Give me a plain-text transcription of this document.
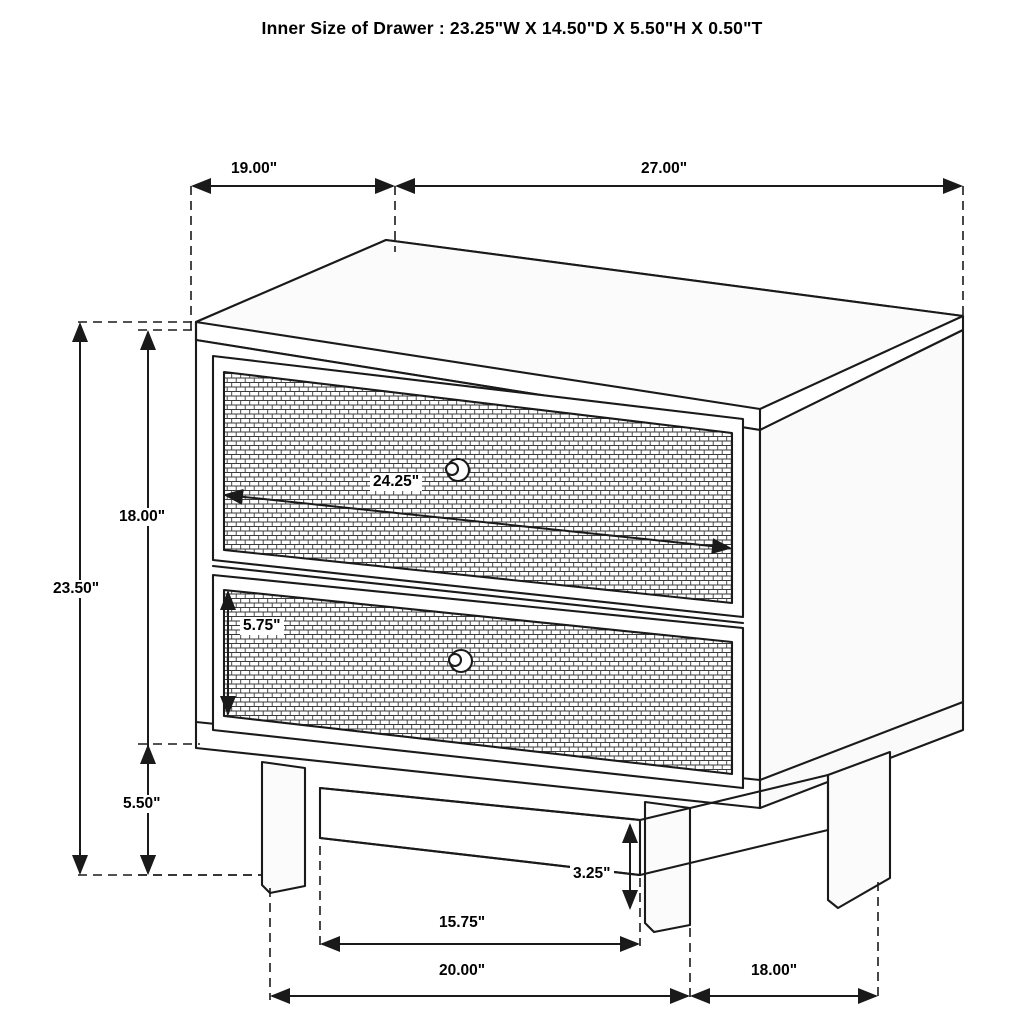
Inner Size of Drawer : 23.25"W X 14.50"D X 5.50"H X 0.50"T
19.00"	27.00"
18.00"
23.50"
5.50"
24.25"
5.75"
3.25"
15.75"
20.00"	18.00"
